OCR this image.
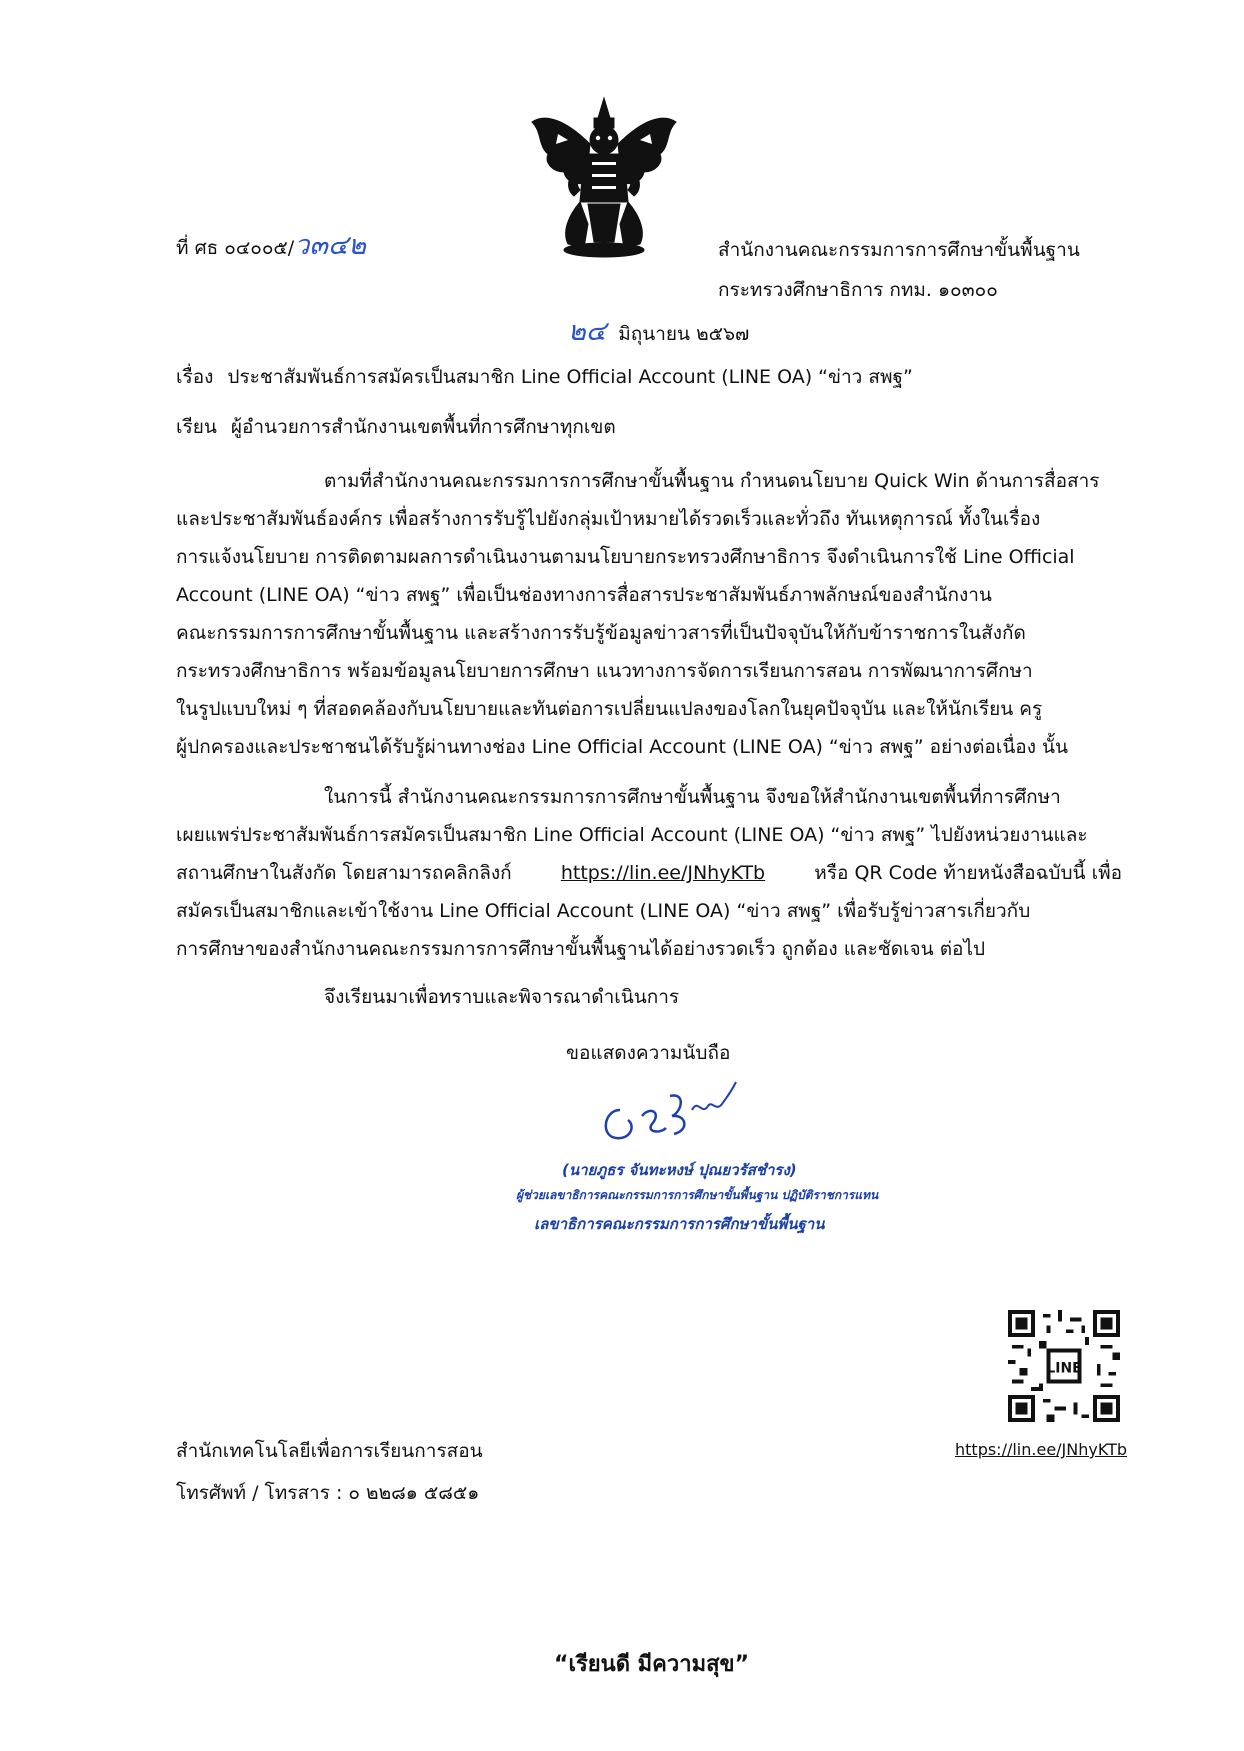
ที่ ศธ ๐๔๐๐๕/ว๓๔๒	สำนักงานคณะกรรมการการศึกษาขั้นพื้นฐาน
กระทรวงศึกษาธิการ กทม. ๑๐๓๐๐
๒๔ มิถุนายน ๒๕๖๗
เรื่อง ประชาสัมพันธ์การสมัครเป็นสมาชิก Line Official Account (LINE OA) “ข่าว สพฐ”
เรียน ผู้อำนวยการสำนักงานเขตพื้นที่การศึกษาทุกเขต
ตามที่สำนักงานคณะกรรมการการศึกษาขั้นพื้นฐาน กำหนดนโยบาย Quick Win ด้านการสื่อสาร
และประชาสัมพันธ์องค์กร เพื่อสร้างการรับรู้ไปยังกลุ่มเป้าหมายได้รวดเร็วและทั่วถึง ทันเหตุการณ์ ทั้งในเรื่อง
การแจ้งนโยบาย การติดตามผลการดำเนินงานตามนโยบายกระทรวงศึกษาธิการ จึงดำเนินการใช้ Line Official
Account (LINE OA) “ข่าว สพฐ” เพื่อเป็นช่องทางการสื่อสารประชาสัมพันธ์ภาพลักษณ์ของสำนักงาน
คณะกรรมการการศึกษาขั้นพื้นฐาน และสร้างการรับรู้ข้อมูลข่าวสารที่เป็นปัจจุบันให้กับข้าราชการในสังกัด
กระทรวงศึกษาธิการ พร้อมข้อมูลนโยบายการศึกษา แนวทางการจัดการเรียนการสอน การพัฒนาการศึกษา
ในรูปแบบใหม่ ๆ ที่สอดคล้องกับนโยบายและทันต่อการเปลี่ยนแปลงของโลกในยุคปัจจุบัน และให้นักเรียน ครู
ผู้ปกครองและประชาชนได้รับรู้ผ่านทางช่อง Line Official Account (LINE OA) “ข่าว สพฐ” อย่างต่อเนื่อง นั้น
ในการนี้ สำนักงานคณะกรรมการการศึกษาขั้นพื้นฐาน จึงขอให้สำนักงานเขตพื้นที่การศึกษา
เผยแพร่ประชาสัมพันธ์การสมัครเป็นสมาชิก Line Official Account (LINE OA) “ข่าว สพฐ” ไปยังหน่วยงานและ
สถานศึกษาในสังกัด โดยสามารถคลิกลิงก์	https://lin.ee/JNhyKTb	หรือ QR Code ท้ายหนังสือฉบับนี้ เพื่อ
สมัครเป็นสมาชิกและเข้าใช้งาน Line Official Account (LINE OA) “ข่าว สพฐ” เพื่อรับรู้ข่าวสารเกี่ยวกับ
การศึกษาของสำนักงานคณะกรรมการการศึกษาขั้นพื้นฐานได้อย่างรวดเร็ว ถูกต้อง และชัดเจน ต่อไป
จึงเรียนมาเพื่อทราบและพิจารณาดำเนินการ
ขอแสดงความนับถือ
(นายภูธร จันทะหงษ์ ปุณยวรัสชำรง)
ผู้ช่วยเลขาธิการคณะกรรมการการศึกษาขั้นพื้นฐาน ปฏิบัติราชการแทน
เลขาธิการคณะกรรมการการศึกษาขั้นพื้นฐาน
LINE
https://lin.ee/JNhyKTb
สำนักเทคโนโลยีเพื่อการเรียนการสอน
โทรศัพท์ / โทรสาร : ๐ ๒๒๘๑ ๕๘๕๑
“เรียนดี มีความสุข”
